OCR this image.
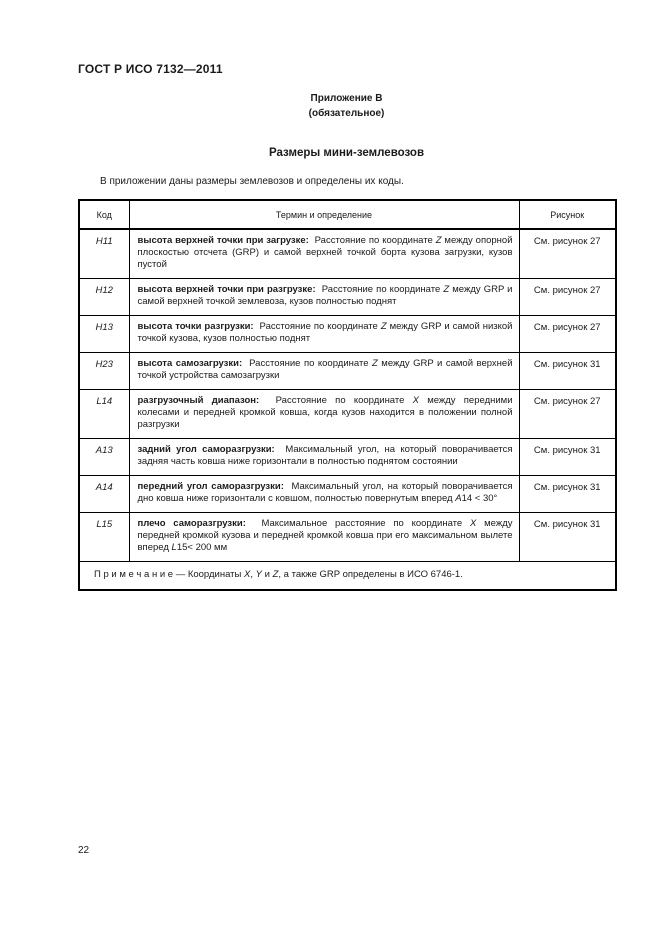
ГОСТ Р ИСО 7132—2011
Приложение В
(обязательное)
Размеры мини-землевозов
В приложении даны размеры землевозов и определены их коды.
Код	Термин и определение	Рисунок
H11	высота верхней точки при загрузке: Расстояние по координате Z между опорной плоскостью отсчета (GRP) и самой верхней точкой борта кузова загрузки, кузов пустой	См. рисунок 27
H12	высота верхней точки при разгрузке: Расстояние по координате Z между GRP и самой верхней точкой землевоза, кузов полностью поднят	См. рисунок 27
H13	высота точки разгрузки: Расстояние по координате Z между GRP и самой низкой точкой кузова, кузов полностью поднят	См. рисунок 27
H23	высота самозагрузки: Расстояние по координате Z между GRP и самой верхней точкой устройства самозагрузки	См. рисунок 31
L14	разгрузочный диапазон: Расстояние по координате X между передними колесами и передней кромкой ковша, когда кузов находится в положении полной разгрузки	См. рисунок 27
A13	задний угол саморазгрузки: Максимальный угол, на который поворачивается задняя часть ковша ниже горизонтали в полностью поднятом состоянии	См. рисунок 31
A14	передний угол саморазгрузки: Максимальный угол, на который поворачивается дно ковша ниже горизонтали с ковшом, полностью повернутым вперед A14 < 30°	См. рисунок 31
L15	плечо саморазгрузки: Максимальное расстояние по координате X между передней кромкой кузова и передней кромкой ковша при его максимальном вылете вперед L15< 200 мм	См. рисунок 31
П р и м е ч а н и е — Координаты X, Y и Z, а также GRP определены в ИСО 6746-1.		
22
